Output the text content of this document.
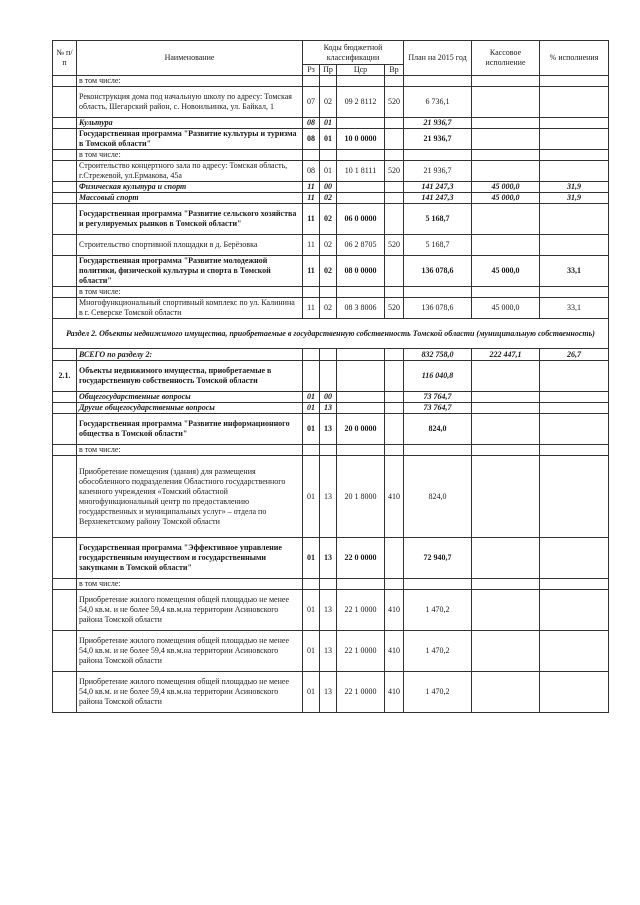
№ п/п	Наименование	Коды бюджетной классификации				План на 2015 год	Кассовое исполнение	% исполнения
		Рз	Пр	Цср	Вр			
	в том числе:							
	Реконструкция дома под начальную школу по адресу: Томская область, Шегарский район, с. Новоильинка, ул. Байкал, 1	07	02	09 2 8112	520	6 736,1		
	Культура	08	01			21 936,7		
	Государственная программа "Развитие культуры и туризма в Томской области"	08	01	10 0 0000		21 936,7		
	в том числе:							
	Строительство концертного зала по адресу: Томская область, г.Стрежевой, ул.Ермакова, 45а	08	01	10 1 8111	520	21 936,7		
	Физическая культура и спорт	11	00			141 247,3	45 000,0	31,9
	Массовый спорт	11	02			141 247,3	45 000,0	31,9
	Государственная программа "Развитие сельского хозяйства и регулируемых рынков в Томской области"	11	02	06 0 0000		5 168,7		
	Строительство спортивной площадки в д. Берёзовка	11	02	06 2 8705	520	5 168,7		
	Государственная программа "Развитие молодежной политики, физической культуры и спорта в Томской области"	11	02	08 0 0000		136 078,6	45 000,0	33,1
	в том числе:							
	Многофункциональный спортивный комплекс по ул. Калинина в г. Северске Томской области	11	02	08 3 8006	520	136 078,6	45 000,0	33,1
Раздел 2. Объекты недвижимого имущества, приобретаемые в государственную собственность Томской области (муниципальную собственность)								
	ВСЕГО по разделу 2:					832 758,0	222 447,1	26,7
2.1.	Объекты недвижимого имущества, приобретаемые в государственную собственность Томской области					116 040,8		
	Общегосударственные вопросы	01	00			73 764,7		
	Другие общегосударственные вопросы	01	13			73 764,7		
	Государственная программа "Развитие информационного общества в Томской области"	01	13	20 0 0000		824,0		
	в том числе:							
	Приобретение помещения (здания) для размещения обособленного подразделения Областного государственного казенного учреждения «Томский областной многофункциональный центр по предоставлению государственных и муниципальных услуг» – отдела по Верхнекетскому району Томской области	01	13	20 1 8000	410	824,0		
	Государственная программа "Эффективное управление государственным имуществом и государственными закупками в Томской области"	01	13	22 0 0000		72 940,7		
	в том числе:							
	Приобретение жилого помещения общей площадью не менее 54,0 кв.м. и не более 59,4 кв.м.на территории Асиновского района Томской области	01	13	22 1 0000	410	1 470,2		
	Приобретение жилого помещения общей площадью не менее 54,0 кв.м. и не более 59,4 кв.м.на территории Асиновского района Томской области	01	13	22 1 0000	410	1 470,2		
	Приобретение жилого помещения общей площадью не менее 54,0 кв.м. и не более 59,4 кв.м.на территории Асиновского района Томской области	01	13	22 1 0000	410	1 470,2		
